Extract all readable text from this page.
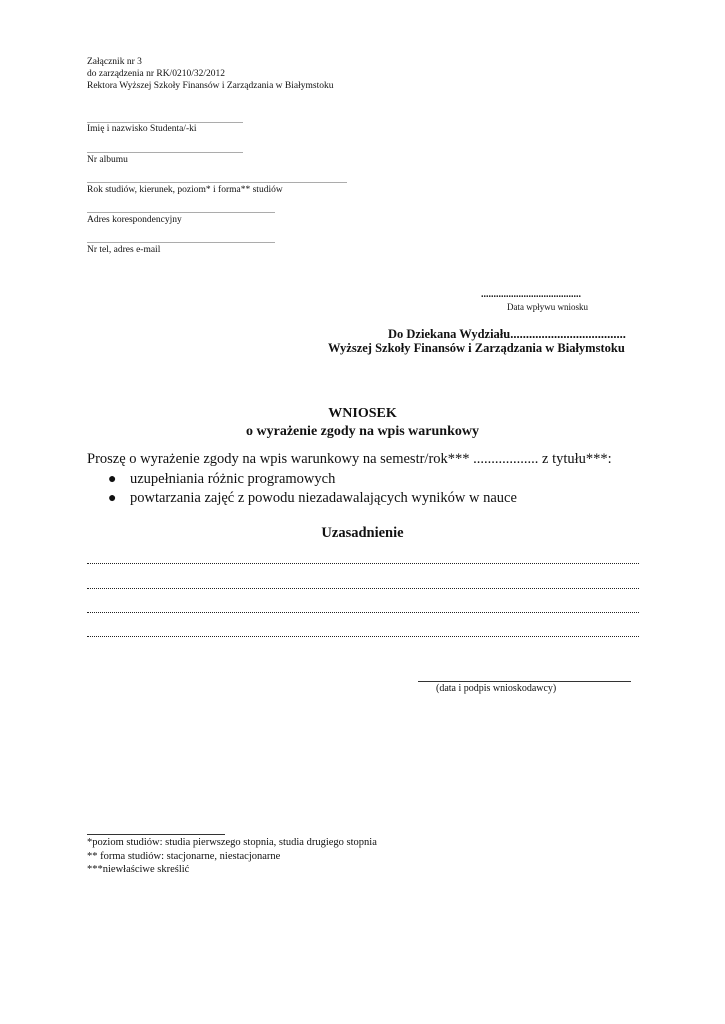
Załącznik nr 3
do zarządzenia nr RK/0210/32/2012
Rektora Wyższej Szkoły Finansów i Zarządzania w Białymstoku
..............................................................................
Imię i nazwisko Studenta/-ki
..............................................................................
Nr albumu
..................................................................................................................................
Rok studiów, kierunek, poziom* i forma** studiów
..............................................................................................
Adres korespondencyjny
..............................................................................................
Nr tel, adres e-mail
........................................
Data wpływu wniosku
Do Dziekana Wydziału.....................................
Wyższej Szkoły Finansów i Zarządzania w Białymstoku
WNIOSEK
o wyrażenie zgody na wpis warunkowy
Proszę o wyrażenie zgody na wpis warunkowy na semestr/rok*** .................. z tytułu***:
● uzupełniania różnic programowych
● powtarzania zajęć z powodu niezadawalających wyników w nauce
Uzasadnienie
(data i podpis wnioskodawcy)
*poziom studiów: studia pierwszego stopnia, studia drugiego stopnia
** forma studiów: stacjonarne, niestacjonarne
***niewłaściwe skreślić
